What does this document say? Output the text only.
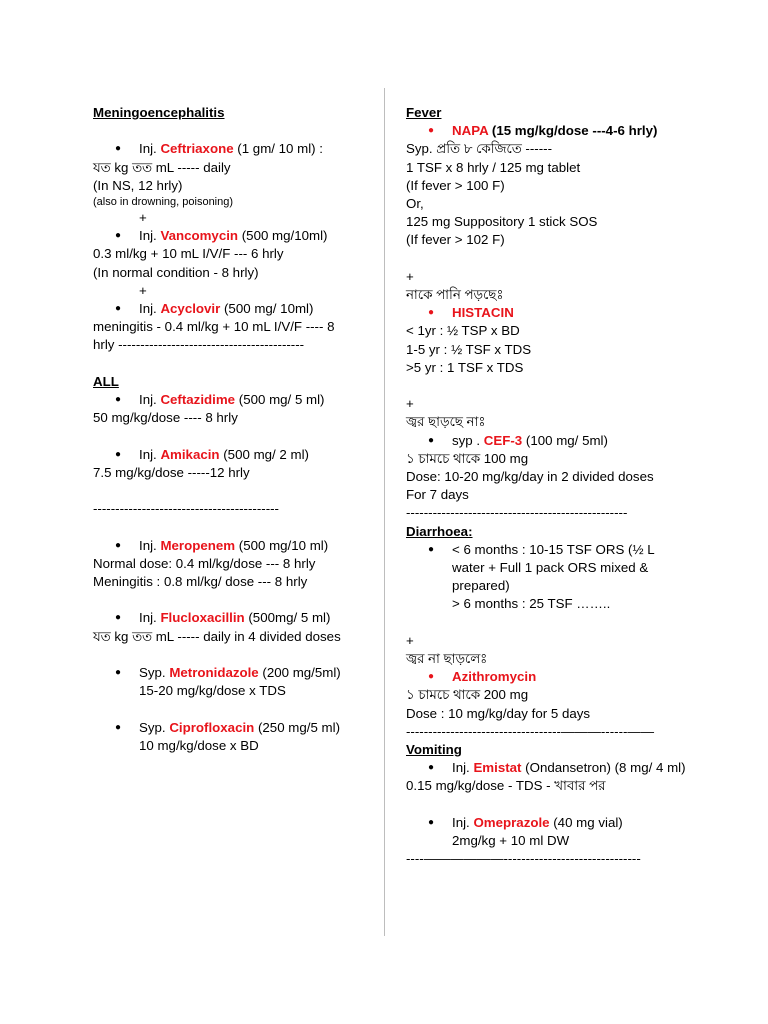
Meningoencephalitis
● Inj. Ceftriaxone (1 gm/ 10 ml) :
যত kg তত mL ----- daily
(In NS, 12 hrly)
(also in drowning, poisoning)
+
● Inj. Vancomycin (500 mg/10ml)
0.3 ml/kg + 10 mL I/V/F --- 6 hrly
(In normal condition - 8 hrly)
+
● Inj. Acyclovir (500 mg/ 10ml)
meningitis - 0.4 ml/kg + 10 mL I/V/F ---- 8
hrly ------------------------------------------
ALL
● Inj. Ceftazidime (500 mg/ 5 ml)
50 mg/kg/dose ---- 8 hrly
● Inj. Amikacin (500 mg/ 2 ml)
7.5 mg/kg/dose -----12 hrly
------------------------------------------
● Inj. Meropenem (500 mg/10 ml)
Normal dose: 0.4 ml/kg/dose --- 8 hrly
Meningitis : 0.8 ml/kg/ dose --- 8 hrly
● Inj. Flucloxacillin (500mg/ 5 ml)
যত kg তত mL ----- daily in 4 divided doses
● Syp. Metronidazole (200 mg/5ml)
15-20 mg/kg/dose x TDS
● Syp. Ciprofloxacin (250 mg/5 ml)
10 mg/kg/dose x BD
Fever
● NAPA (15 mg/kg/dose ---4-6 hrly)
Syp. প্রতি ৮ কেজিতে ------
1 TSF x 8 hrly / 125 mg tablet
(If fever > 100 F)
Or,
125 mg Suppository 1 stick SOS
(If fever > 102 F)
+
নাকে পানি পড়ছেঃ
● HISTACIN
< 1yr : ½ TSP x BD
1-5 yr : ½ TSF x TDS
>5 yr : 1 TSF x TDS
+
জ্বর ছাড়ছে নাঃ
● syp . CEF-3 (100 mg/ 5ml)
১ চামচে থাকে 100 mg
Dose: 10-20 mg/kg/day in 2 divided doses
For 7 days
--------------------------------------------------
Diarrhoea:
● < 6 months : 10-15 TSF ORS (½ L water + Full 1 pack ORS mixed & prepared)
> 6 months : 25 TSF ……..
+
জ্বর না ছাড়লেঃ
● Azithromycin
১ চামচে থাকে 200 mg
Dose : 10 mg/kg/day for 5 days
-----------------------------------———------——
Vomiting
● Inj. Emistat (Ondansetron) (8 mg/ 4 ml)
0.15 mg/kg/dose - TDS - খাবার পর
● Inj. Omeprazole (40 mg vial)
2mg/kg + 10 ml DW
----——————-------------------------------
